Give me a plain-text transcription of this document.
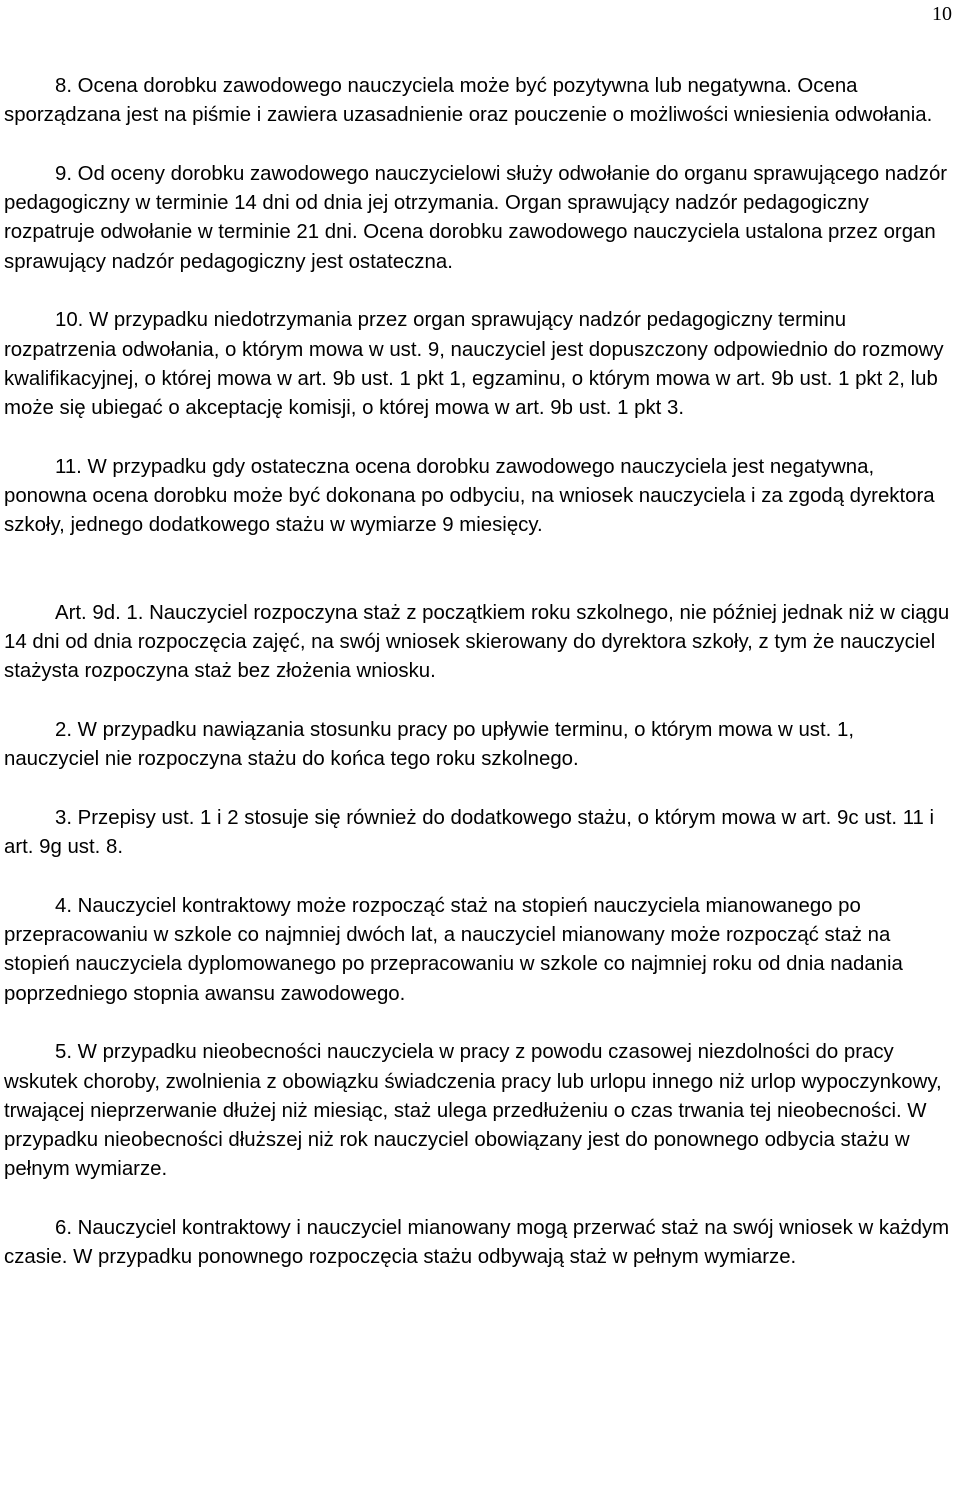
10

8. Ocena dorobku zawodowego nauczyciela może być pozytywna lub negatywna. Ocena sporządzana jest na piśmie i zawiera uzasadnienie oraz pouczenie o możliwości wniesienia odwołania.

9. Od oceny dorobku zawodowego nauczycielowi służy odwołanie do organu sprawującego nadzór pedagogiczny w terminie 14 dni od dnia jej otrzymania. Organ sprawujący nadzór pedagogiczny rozpatruje odwołanie w terminie 21 dni. Ocena dorobku zawodowego nauczyciela ustalona przez organ sprawujący nadzór pedagogiczny jest ostateczna.

10. W przypadku niedotrzymania przez organ sprawujący nadzór pedagogiczny terminu rozpatrzenia odwołania, o którym mowa w ust. 9, nauczyciel jest dopuszczony odpowiednio do rozmowy kwalifikacyjnej, o której mowa w art. 9b ust. 1 pkt 1, egzaminu, o którym mowa w art. 9b ust. 1 pkt 2, lub może się ubiegać o akceptację komisji, o której mowa w art. 9b ust. 1 pkt 3.

11. W przypadku gdy ostateczna ocena dorobku zawodowego nauczyciela jest negatywna, ponowna ocena dorobku może być dokonana po odbyciu, na wniosek nauczyciela i za zgodą dyrektora szkoły, jednego dodatkowego stażu w wymiarze 9 miesięcy.

Art. 9d. 1. Nauczyciel rozpoczyna staż z początkiem roku szkolnego, nie później jednak niż w ciągu 14 dni od dnia rozpoczęcia zajęć, na swój wniosek skierowany do dyrektora szkoły, z tym że nauczyciel stażysta rozpoczyna staż bez złożenia wniosku.

2. W przypadku nawiązania stosunku pracy po upływie terminu, o którym mowa w ust. 1, nauczyciel nie rozpoczyna stażu do końca tego roku szkolnego.

3. Przepisy ust. 1 i 2 stosuje się również do dodatkowego stażu, o którym mowa w art. 9c ust. 11 i art. 9g ust. 8.

4. Nauczyciel kontraktowy może rozpocząć staż na stopień nauczyciela mianowanego po przepracowaniu w szkole co najmniej dwóch lat, a nauczyciel mianowany może rozpocząć staż na stopień nauczyciela dyplomowanego po przepracowaniu w szkole co najmniej roku od dnia nadania poprzedniego stopnia awansu zawodowego.

5. W przypadku nieobecności nauczyciela w pracy z powodu czasowej niezdolności do pracy wskutek choroby, zwolnienia z obowiązku świadczenia pracy lub urlopu innego niż urlop wypoczynkowy, trwającej nieprzerwanie dłużej niż miesiąc, staż ulega przedłużeniu o czas trwania tej nieobecności. W przypadku nieobecności dłuższej niż rok nauczyciel obowiązany jest do ponownego odbycia stażu w pełnym wymiarze.

6. Nauczyciel kontraktowy i nauczyciel mianowany mogą przerwać staż na swój wniosek w każdym czasie. W przypadku ponownego rozpoczęcia stażu odbywają staż w pełnym wymiarze.
